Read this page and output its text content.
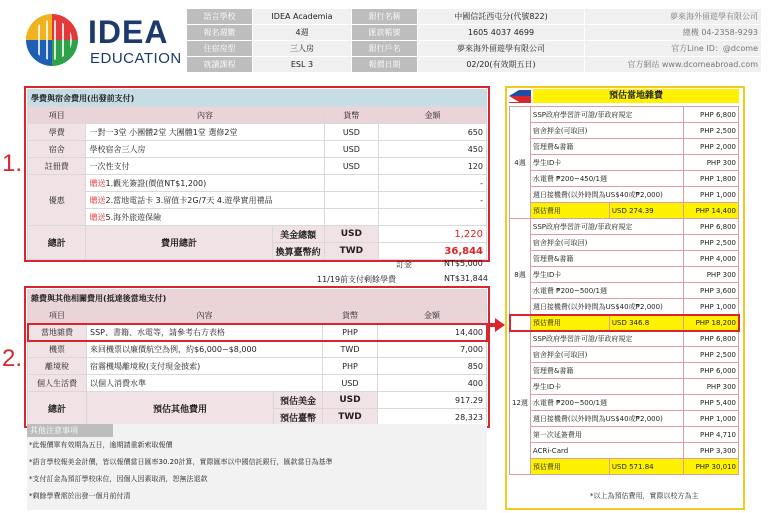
IDEA
EDUCATION
語言學校	IDEA Academia	銀行名稱	中國信託西屯分(代號822)	夢來海外留遊學有限公司
報名週數	4週	匯款帳號	1605 4037 4699	總機 04-2358-9293
住宿房型	三人房	銀行戶名	夢來海外留遊學有限公司	官方Line ID：@dcome
就讀課程	ESL 3	報價日期	02/20(有效期五日)	官方網站 www.dcomeabroad.com
1.
2.
學費與宿舍費用(出發前支付)				
項目	內容		貨幣	金額
學費	一對一3堂 小團體2堂 大團體1堂 選修2堂		USD	650
宿舍	學校宿舍三人房		USD	450
註冊費	一次性支付		USD	120
優惠	贈送1.觀光簽證(價值NT$1,200)			-
	贈送2.當地電話卡 3.留值卡2G/7天 4.遊學實用禮品			-
	贈送5.海外旅遊保險			
總計	費用總計	美金總額	USD	1,220
		換算臺幣約	TWD	36,844
訂金	NT$5,000
11/19前支付剩餘學費	NT$31,844
雜費與其他相關費用(抵達後當地支付)				
項目	內容		貨幣	金額
當地雜費	SSP、書籍、水電等，請參考右方表格		PHP	14,400
機票	來回機票以廉價航空為例，約$6,000~$8,000		TWD	7,000
離境稅	宿霧機場離境稅(支付現金披索)		PHP	850
個人生活費	以個人消費水準		USD	400
總計	預估其他費用	預估美金	USD	917.29
		預估臺幣	TWD	28,323
其他注意事項
*此報價單有效期為五日，逾期請重新索取報價
*語言學校報美金計價，皆以報價當日匯率30.20計算，實際匯率以中國信託銀行，匯款當日為基準
*支付訂金為預訂學校床位，因個人因素取消，恕無法退款
*剩餘學費需於出發一個月前付清
預估當地雜費
4週	SSP政府學習許可證/菲政府規定		PHP 6,800
	宿舍押金(可取回)		PHP 2,500
	管理費&書籍		PHP 2,000
	學生ID卡		PHP 300
	水電費 ₱200~450/1週		PHP 1,800
	週日接機費(以外時間為US$40或₱2,000)		PHP 1,000
	預估費用	USD 274.39	PHP 14,400
8週	SSP政府學習許可證/菲政府規定		PHP 6,800
	宿舍押金(可取回)		PHP 2,500
	管理費&書籍		PHP 4,000
	學生ID卡		PHP 300
	水電費 ₱200~500/1週		PHP 3,600
	週日接機費(以外時間為US$40或₱2,000)		PHP 1,000
	預估費用	USD 346.8	PHP 18,200
12週	SSP政府學習許可證/菲政府規定		PHP 6,800
	宿舍押金(可取回)		PHP 2,500
	管理費&書籍		PHP 6,000
	學生ID卡		PHP 300
	水電費 ₱200~500/1週		PHP 5,400
	週日接機費(以外時間為US$40或₱2,000)		PHP 1,000
	第一次延簽費用		PHP 4,710
	ACRi-Card		PHP 3,300
	預估費用	USD 571.84	PHP 30,010
*以上為預估費用，實際以校方為主
